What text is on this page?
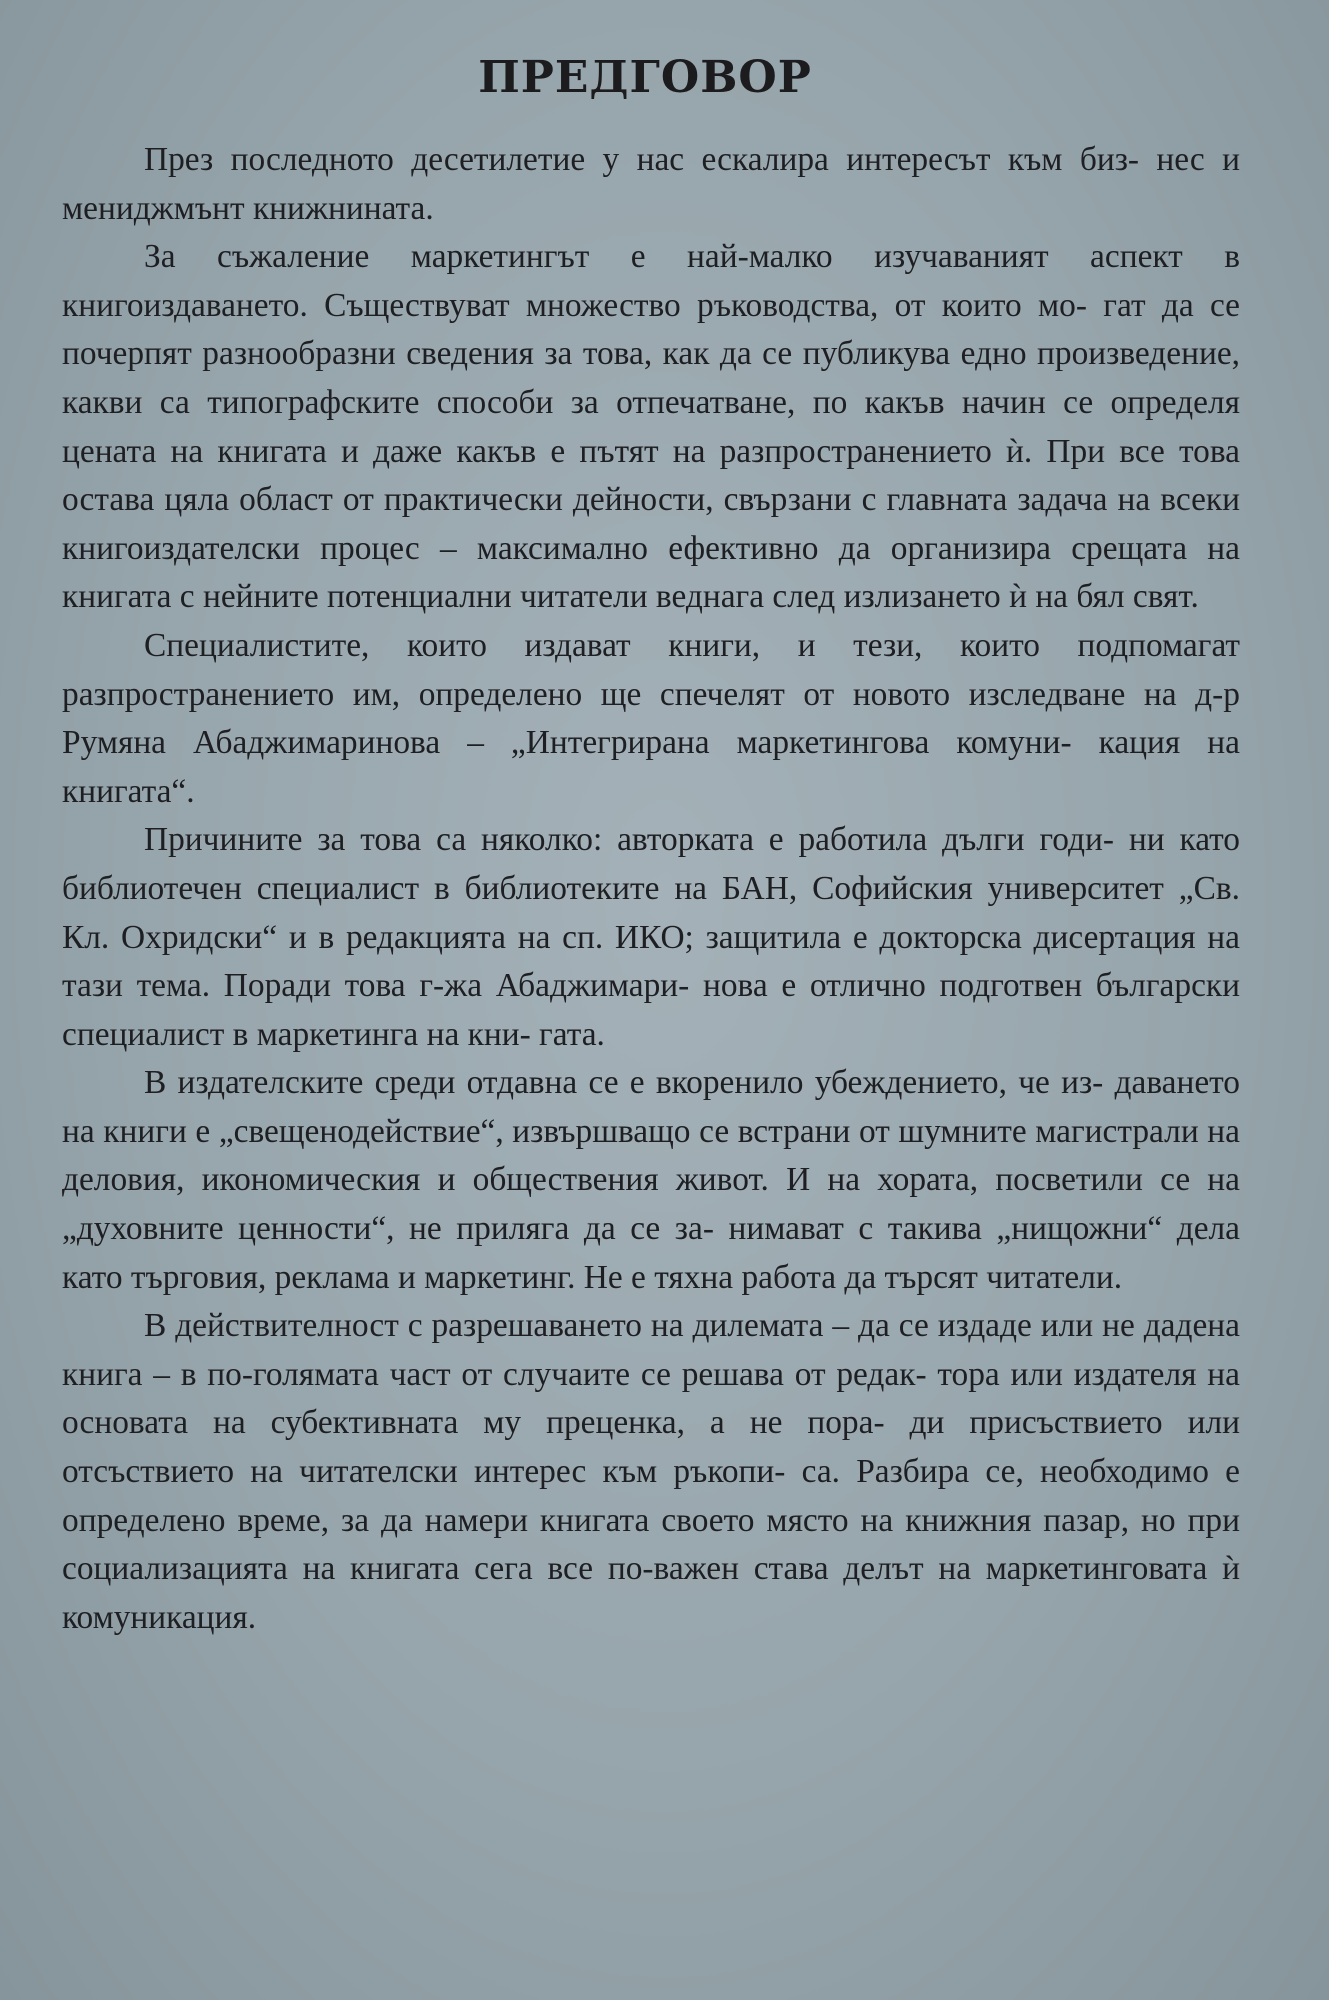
ПРЕДГОВОР

През последното десетилетие у нас ескалира интересът към биз- нес и мениджмънт книжнината.

За съжаление маркетингът е най-малко изучаваният аспект в книгоиздаването. Съществуват множество ръководства, от които мо- гат да се почерпят разнообразни сведения за това, как да се публикува едно произведение, какви са типографските способи за отпечатване, по какъв начин се определя цената на книгата и даже какъв е пътят на разпространението ѝ. При все това остава цяла област от практически дейности, свързани с главната задача на всеки книгоиздателски процес – максимално ефективно да организира срещата на книгата с нейните потенциални читатели веднага след излизането ѝ на бял свят.

Специалистите, които издават книги, и тези, които подпомагат разпространението им, определено ще спечелят от новото изследване на д-р Румяна Абаджимаринова – „Интегрирана маркетингова комуни- кация на книгата“.

Причините за това са няколко: авторката е работила дълги годи- ни като библиотечен специалист в библиотеките на БАН, Софийския университет „Св. Кл. Охридски“ и в редакцията на сп. ИКО; защитила е докторска дисертация на тази тема. Поради това г-жа Абаджимари- нова е отлично подготвен български специалист в маркетинга на кни- гата.

В издателските среди отдавна се е вкоренило убеждението, че из- даването на книги е „свещенодействие“, извършващо се встрани от шумните магистрали на деловия, икономическия и обществения живот. И на хората, посветили се на „духовните ценности“, не приляга да се за- нимават с такива „нищожни“ дела като търговия, реклама и маркетинг. Не е тяхна работа да търсят читатели.

В действителност с разрешаването на дилемата – да се издаде или не дадена книга – в по-голямата част от случаите се решава от редак- тора или издателя на основата на субективната му преценка, а не пора- ди присъствието или отсъствието на читателски интерес към ръкопи- са. Разбира се, необходимо е определено време, за да намери книгата своето място на книжния пазар, но при социализацията на книгата сега все по-важен става делът на маркетинговата ѝ комуникация.
